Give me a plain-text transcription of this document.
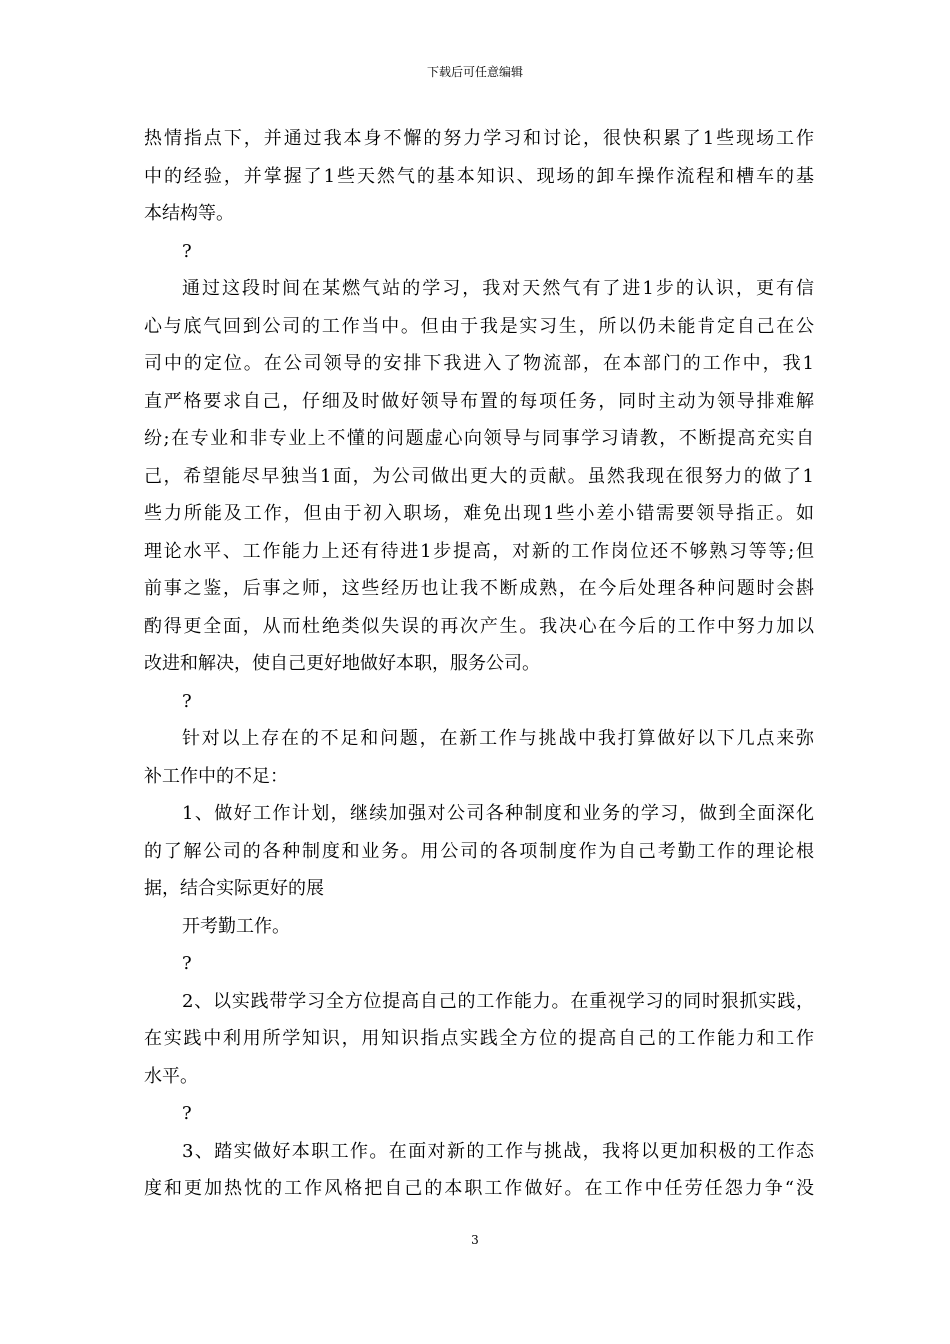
下载后可任意编辑
热情指点下，并通过我本身不懈的努力学习和讨论，很快积累了1些现场工作
中的经验，并掌握了1些天然气的基本知识、现场的卸车操作流程和槽车的基
本结构等。
?
通过这段时间在某燃气站的学习，我对天然气有了进1步的认识，更有信
心与底气回到公司的工作当中。但由于我是实习生，所以仍未能肯定自己在公
司中的定位。在公司领导的安排下我进入了物流部，在本部门的工作中，我1
直严格要求自己，仔细及时做好领导布置的每项任务，同时主动为领导排难解
纷;在专业和非专业上不懂的问题虚心向领导与同事学习请教，不断提高充实自
己，希望能尽早独当1面，为公司做出更大的贡献。虽然我现在很努力的做了1
些力所能及工作，但由于初入职场，难免出现1些小差小错需要领导指正。如
理论水平、工作能力上还有待进1步提高，对新的工作岗位还不够熟习等等;但
前事之鉴，后事之师，这些经历也让我不断成熟，在今后处理各种问题时会斟
酌得更全面，从而杜绝类似失误的再次产生。我决心在今后的工作中努力加以
改进和解决，使自己更好地做好本职，服务公司。
?
针对以上存在的不足和问题，在新工作与挑战中我打算做好以下几点来弥
补工作中的不足：
1、做好工作计划，继续加强对公司各种制度和业务的学习，做到全面深化
的了解公司的各种制度和业务。用公司的各项制度作为自己考勤工作的理论根
据，结合实际更好的展
开考勤工作。
?
2、以实践带学习全方位提高自己的工作能力。在重视学习的同时狠抓实践，
在实践中利用所学知识，用知识指点实践全方位的提高自己的工作能力和工作
水平。
?
3、踏实做好本职工作。在面对新的工作与挑战，我将以更加积极的工作态
度和更加热忱的工作风格把自己的本职工作做好。在工作中任劳任怨力争“没
3
